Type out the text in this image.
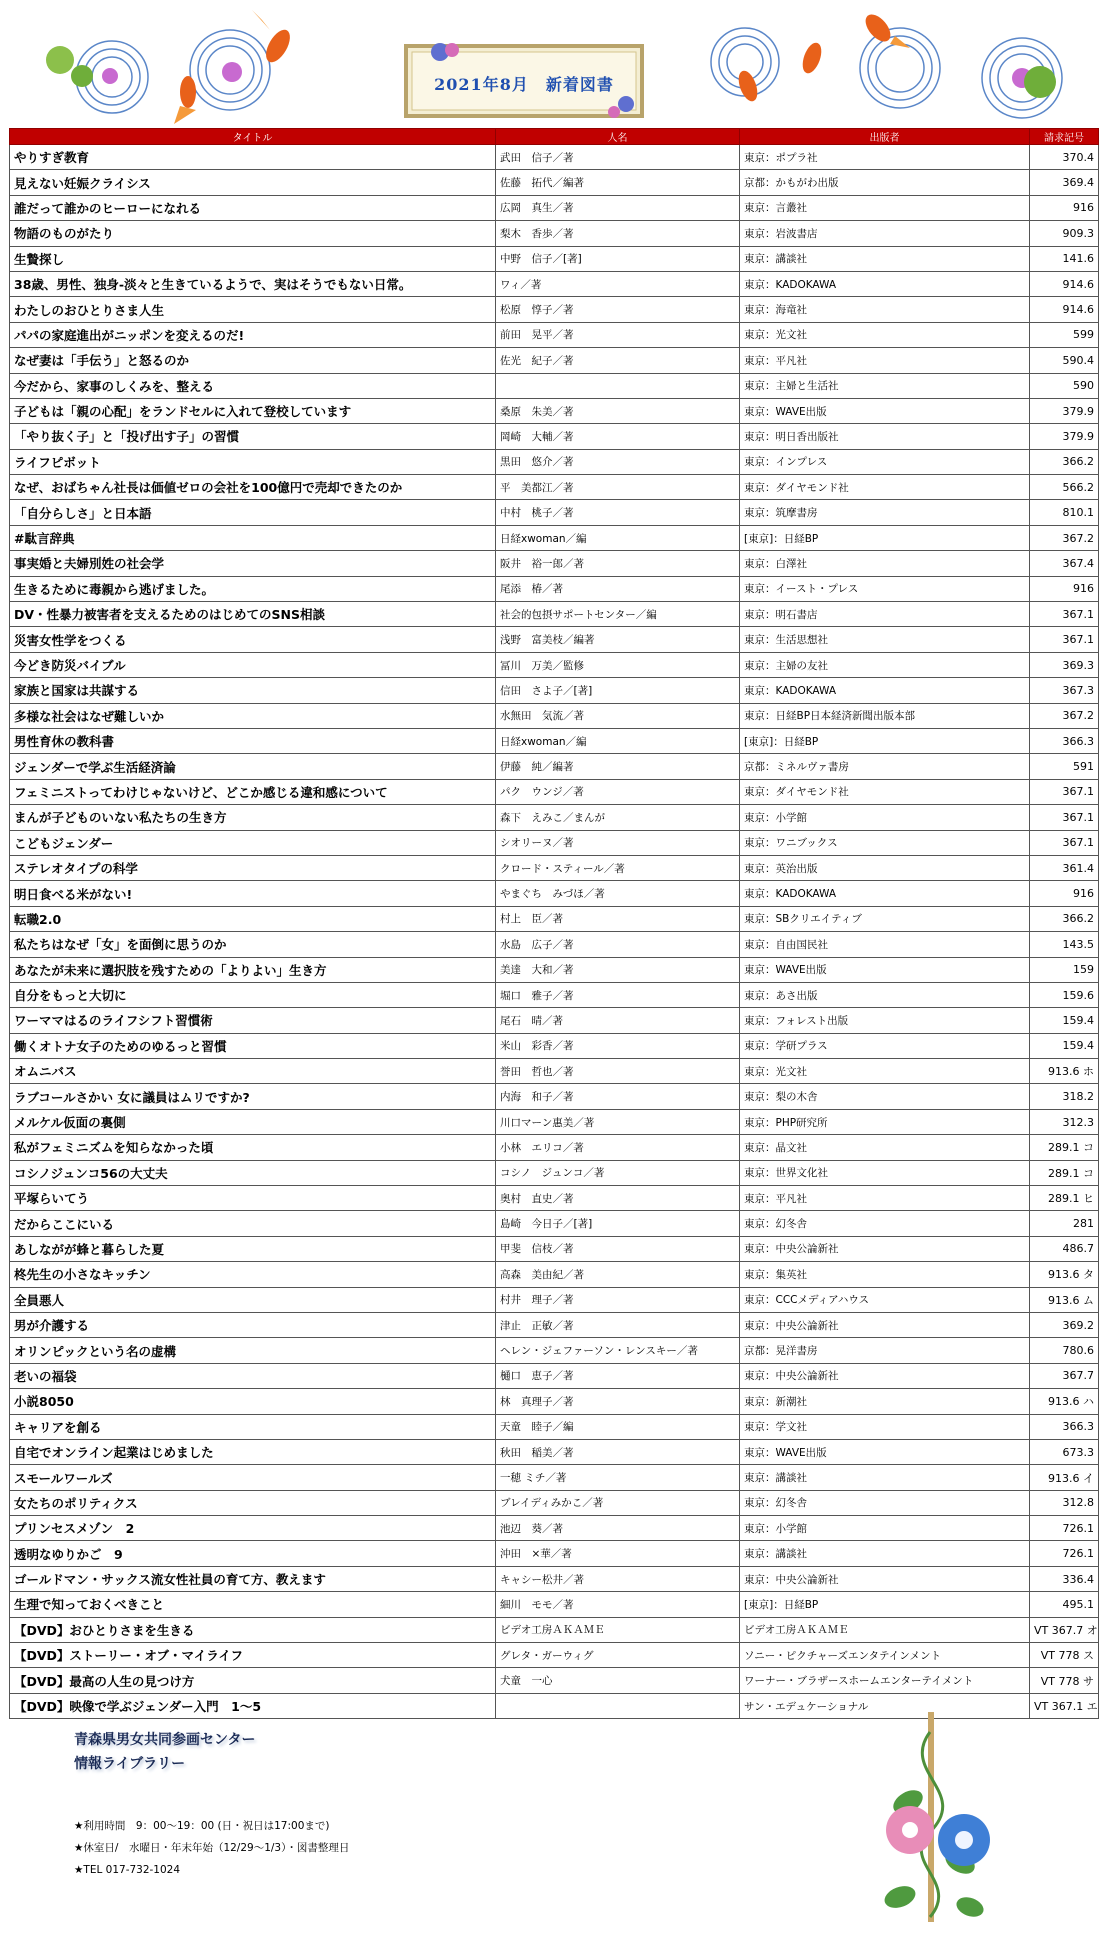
2021年8月　新着図書
タイトル	人名	出版者	請求記号
やりすぎ教育	武田　信子／著	東京：ポプラ社	370.4
見えない妊娠クライシス	佐藤　拓代／編著	京都：かもがわ出版	369.4
誰だって誰かのヒーローになれる	広岡　真生／著	東京：言叢社	916
物語のものがたり	梨木　香歩／著	東京：岩波書店	909.3
生贄探し	中野　信子／[著]	東京：講談社	141.6
38歳、男性、独身-淡々と生きているようで、実はそうでもない日常。	ワィ／著	東京：KADOKAWA	914.6
わたしのおひとりさま人生	松原　惇子／著	東京：海竜社	914.6
パパの家庭進出がニッポンを変えるのだ!	前田　晃平／著	東京：光文社	599
なぜ妻は「手伝う」と怒るのか	佐光　紀子／著	東京：平凡社	590.4
今だから、家事のしくみを、整える		東京：主婦と生活社	590
子どもは「親の心配」をランドセルに入れて登校しています	桑原　朱美／著	東京：WAVE出版	379.9
「やり抜く子」と「投げ出す子」の習慣	岡崎　大輔／著	東京：明日香出版社	379.9
ライフピボット	黒田　悠介／著	東京：インプレス	366.2
なぜ、おばちゃん社長は価値ゼロの会社を100億円で売却できたのか	平　美都江／著	東京：ダイヤモンド社	566.2
「自分らしさ」と日本語	中村　桃子／著	東京：筑摩書房	810.1
#駄言辞典	日経xwoman／編	[東京]：日経BP	367.2
事実婚と夫婦別姓の社会学	阪井　裕一郎／著	東京：白澤社	367.4
生きるために毒親から逃げました。	尾添　椿／著	東京：イースト・プレス	916
DV・性暴力被害者を支えるためのはじめてのSNS相談	社会的包摂サポートセンター／編	東京：明石書店	367.1
災害女性学をつくる	浅野　富美枝／編著	東京：生活思想社	367.1
今どき防災バイブル	冨川　万美／監修	東京：主婦の友社	369.3
家族と国家は共謀する	信田　さよ子／[著]	東京：KADOKAWA	367.3
多様な社会はなぜ難しいか	水無田　気流／著	東京：日経BP日本経済新聞出版本部	367.2
男性育休の教科書	日経xwoman／編	[東京]：日経BP	366.3
ジェンダーで学ぶ生活経済論	伊藤　純／編著	京都：ミネルヴァ書房	591
フェミニストってわけじゃないけど、どこか感じる違和感について	パク　ウンジ／著	東京：ダイヤモンド社	367.1
まんが子どものいない私たちの生き方	森下　えみこ／まんが	東京：小学館	367.1
こどもジェンダー	シオリーヌ／著	東京：ワニブックス	367.1
ステレオタイプの科学	クロード・スティール／著	東京：英治出版	361.4
明日食べる米がない!	やまぐち　みづほ／著	東京：KADOKAWA	916
転職2.0	村上　臣／著	東京：SBクリエイティブ	366.2
私たちはなぜ「女」を面倒に思うのか	水島　広子／著	東京：自由国民社	143.5
あなたが未来に選択肢を残すための「よりよい」生き方	美達　大和／著	東京：WAVE出版	159
自分をもっと大切に	堀口　雅子／著	東京：あさ出版	159.6
ワーママはるのライフシフト習慣術	尾石　晴／著	東京：フォレスト出版	159.4
働くオトナ女子のためのゆるっと習慣	米山　彩香／著	東京：学研プラス	159.4
オムニバス	誉田　哲也／著	東京：光文社	913.6 ホ
ラブコールさかい 女に議員はムリですか?	内海　和子／著	東京：梨の木舎	318.2
メルケル仮面の裏側	川口マーン惠美／著	東京：PHP研究所	312.3
私がフェミニズムを知らなかった頃	小林　エリコ／著	東京：晶文社	289.1 コ
コシノジュンコ56の大丈夫	コシノ　ジュンコ／著	東京：世界文化社	289.1 コ
平塚らいてう	奥村　直史／著	東京：平凡社	289.1 ヒ
だからここにいる	島崎　今日子／[著]	東京：幻冬舎	281
あしながが蜂と暮らした夏	甲斐　信枝／著	東京：中央公論新社	486.7
柊先生の小さなキッチン	高森　美由紀／著	東京：集英社	913.6 タ
全員悪人	村井　理子／著	東京：CCCメディアハウス	913.6 ム
男が介護する	津止　正敏／著	東京：中央公論新社	369.2
オリンピックという名の虚構	ヘレン・ジェファーソン・レンスキー／著	京都：晃洋書房	780.6
老いの福袋	樋口　恵子／著	東京：中央公論新社	367.7
小説8050	林　真理子／著	東京：新潮社	913.6 ハ
キャリアを創る	天童　睦子／編	東京：学文社	366.3
自宅でオンライン起業はじめました	秋田　稲美／著	東京：WAVE出版	673.3
スモールワールズ	一穂 ミチ／著	東京：講談社	913.6 イ
女たちのポリティクス	ブレイディみかこ／著	東京：幻冬舎	312.8
プリンセスメゾン　2	池辺　葵／著	東京：小学館	726.1
透明なゆりかご　9	沖田　×華／著	東京：講談社	726.1
ゴールドマン・サックス流女性社員の育て方、教えます	キャシー松井／著	東京：中央公論新社	336.4
生理で知っておくべきこと	細川　モモ／著	[東京]：日経BP	495.1
【DVD】おひとりさまを生きる	ビデオ工房ＡＫＡＭＥ	ビデオ工房ＡＫＡＭＥ	VT 367.7 オ
【DVD】ストーリー・オブ・マイライフ	グレタ・ガーウィグ	ソニー・ピクチャーズエンタテインメント	VT 778 ス
【DVD】最高の人生の見つけ方	犬童　一心	ワーナー・ブラザースホームエンターテイメント	VT 778 サ
【DVD】映像で学ぶジェンダー入門　1～5		サン・エデュケーショナル	VT 367.1 エ
青森県男女共同参画センター
情報ライブラリー
★利用時間　9：00～19：00 (日・祝日は17:00まで)
★休室日/　水曜日・年末年始（12/29～1/3）・図書整理日
★TEL 017-732-1024
